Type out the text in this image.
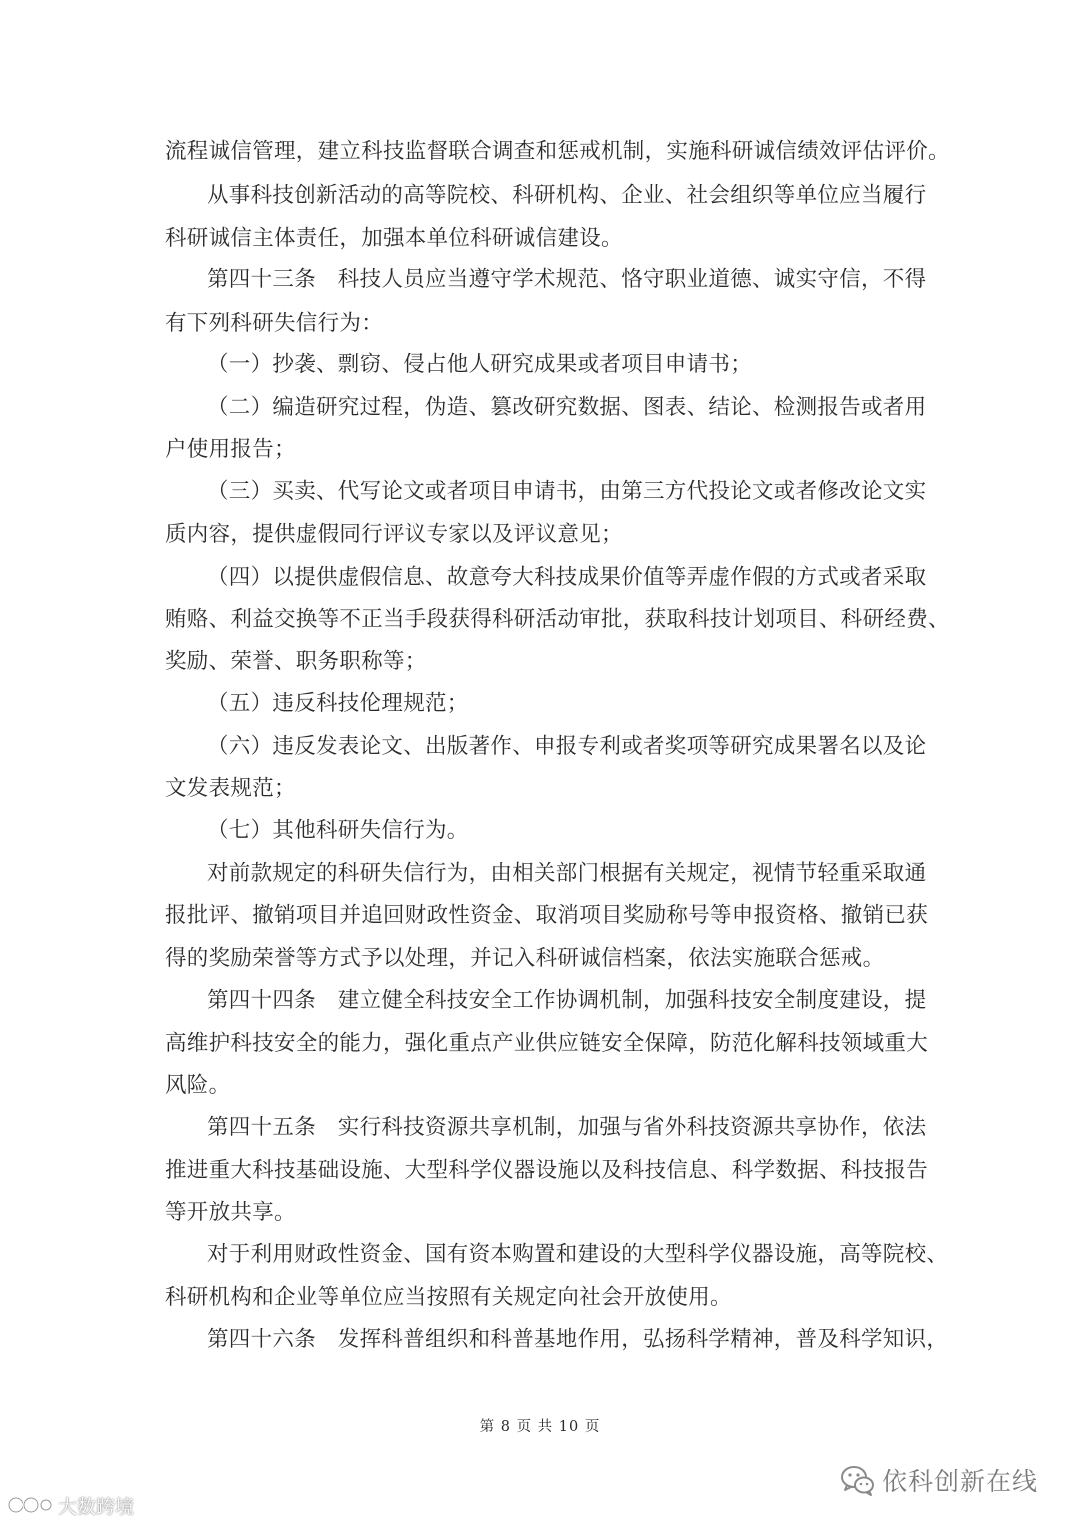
流程诚信管理，建立科技监督联合调查和惩戒机制，实施科研诚信绩效评估评价。
从事科技创新活动的高等院校、科研机构、企业、社会组织等单位应当履行
科研诚信主体责任，加强本单位科研诚信建设。
第四十三条　科技人员应当遵守学术规范、恪守职业道德、诚实守信，不得
有下列科研失信行为：
（一）抄袭、剽窃、侵占他人研究成果或者项目申请书；
（二）编造研究过程，伪造、篡改研究数据、图表、结论、检测报告或者用
户使用报告；
（三）买卖、代写论文或者项目申请书，由第三方代投论文或者修改论文实
质内容，提供虚假同行评议专家以及评议意见；
（四）以提供虚假信息、故意夸大科技成果价值等弄虚作假的方式或者采取
贿赂、利益交换等不正当手段获得科研活动审批，获取科技计划项目、科研经费、
奖励、荣誉、职务职称等；
（五）违反科技伦理规范；
（六）违反发表论文、出版著作、申报专利或者奖项等研究成果署名以及论
文发表规范；
（七）其他科研失信行为。
对前款规定的科研失信行为，由相关部门根据有关规定，视情节轻重采取通
报批评、撤销项目并追回财政性资金、取消项目奖励称号等申报资格、撤销已获
得的奖励荣誉等方式予以处理，并记入科研诚信档案，依法实施联合惩戒。
第四十四条　建立健全科技安全工作协调机制，加强科技安全制度建设，提
高维护科技安全的能力，强化重点产业供应链安全保障，防范化解科技领域重大
风险。
第四十五条　实行科技资源共享机制，加强与省外科技资源共享协作，依法
推进重大科技基础设施、大型科学仪器设施以及科技信息、科学数据、科技报告
等开放共享。
对于利用财政性资金、国有资本购置和建设的大型科学仪器设施，高等院校、
科研机构和企业等单位应当按照有关规定向社会开放使用。
第四十六条　发挥科普组织和科普基地作用，弘扬科学精神，普及科学知识，
第 8 页 共 10 页
依科创新在线
大数跨境
